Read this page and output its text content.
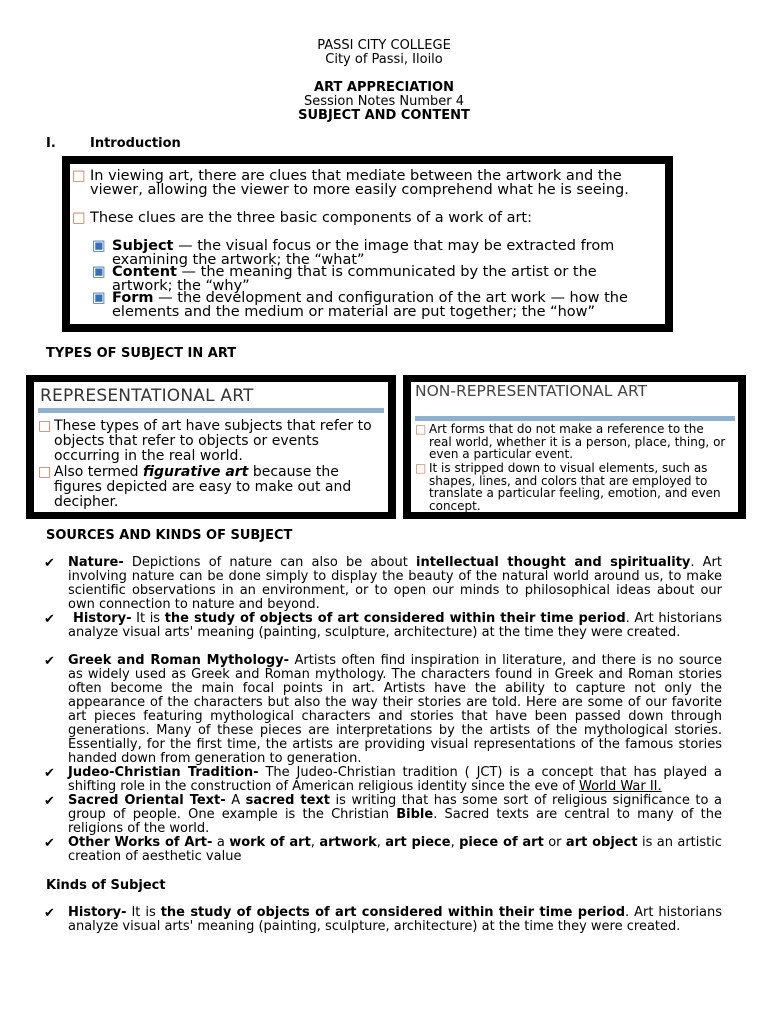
PASSI CITY COLLEGE
City of Passi, Iloilo
ART APPRECIATION
Session Notes Number 4
SUBJECT AND CONTENT
I.	Introduction
□ In viewing art, there are clues that mediate between the artwork and the viewer, allowing the viewer to more easily comprehend what he is seeing.
□ These clues are the three basic components of a work of art:
▣ Subject — the visual focus or the image that may be extracted from examining the artwork; the “what”
▣ Content — the meaning that is communicated by the artist or the artwork; the “why”
▣ Form — the development and configuration of the art work — how the elements and the medium or material are put together; the “how”
TYPES OF SUBJECT IN ART
REPRESENTATIONAL ART
□ These types of art have subjects that refer to objects that refer to objects or events occurring in the real world.
□ Also termed figurative art because the figures depicted are easy to make out and decipher.
NON-REPRESENTATIONAL ART
□ Art forms that do not make a reference to the real world, whether it is a person, place, thing, or even a particular event.
□ It is stripped down to visual elements, such as shapes, lines, and colors that are employed to translate a particular feeling, emotion, and even concept.
SOURCES AND KINDS OF SUBJECT
✔ Nature- Depictions of nature can also be about intellectual thought and spirituality. Art involving nature can be done simply to display the beauty of the natural world around us, to make scientific observations in an environment, or to open our minds to philosophical ideas about our own connection to nature and beyond.
✔	History- It is the study of objects of art considered within their time period. Art historians analyze visual arts' meaning (painting, sculpture, architecture) at the time they were created.
✔ Greek and Roman Mythology- Artists often find inspiration in literature, and there is no source as widely used as Greek and Roman mythology. The characters found in Greek and Roman stories often become the main focal points in art. Artists have the ability to capture not only the appearance of the characters but also the way their stories are told. Here are some of our favorite art pieces featuring mythological characters and stories that have been passed down through generations. Many of these pieces are interpretations by the artists of the mythological stories. Essentially, for the first time, the artists are providing visual representations of the famous stories handed down from generation to generation.
✔ Judeo-Christian Tradition- The Judeo-Christian tradition ( JCT) is a concept that has played a shifting role in the construction of American religious identity since the eve of World War II.
✔ Sacred Oriental Text- A sacred text is writing that has some sort of religious significance to a group of people. One example is the Christian Bible. Sacred texts are central to many of the religions of the world.
✔ Other Works of Art- a work of art, artwork, art piece, piece of art or art object is an artistic creation of aesthetic value
Kinds of Subject
✔ History- It is the study of objects of art considered within their time period. Art historians analyze visual arts' meaning (painting, sculpture, architecture) at the time they were created.
